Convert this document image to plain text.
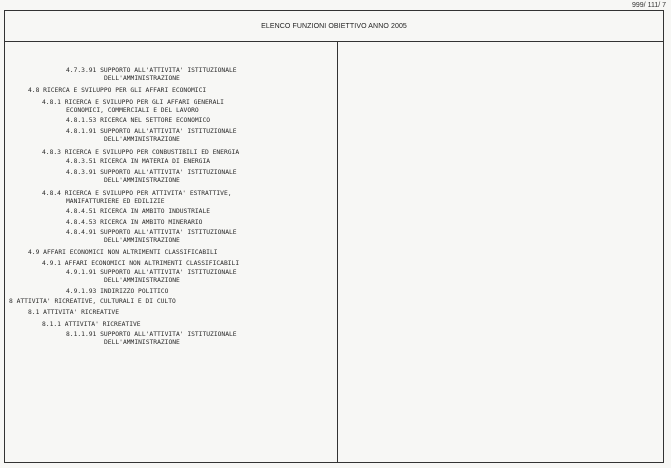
999/ 111/ 7
ELENCO FUNZIONI OBIETTIVO ANNO 2005
4.7.3.91 SUPPORTO ALL'ATTIVITA' ISTITUZIONALE
DELL'AMMINISTRAZIONE
4.8 RICERCA E SVILUPPO PER GLI AFFARI ECONOMICI
4.8.1 RICERCA E SVILUPPO PER GLI AFFARI GENERALI
ECONOMICI, COMMERCIALI E DEL LAVORO
4.8.1.53 RICERCA NEL SETTORE ECONOMICO
4.8.1.91 SUPPORTO ALL'ATTIVITA' ISTITUZIONALE
DELL'AMMINISTRAZIONE
4.8.3 RICERCA E SVILUPPO PER CONBUSTIBILI ED ENERGIA
4.8.3.51 RICERCA IN MATERIA DI ENERGIA
4.8.3.91 SUPPORTO ALL'ATTIVITA' ISTITUZIONALE
DELL'AMMINISTRAZIONE
4.8.4 RICERCA E SVILUPPO PER ATTIVITA' ESTRATTIVE,
MANIFATTURIERE ED EDILIZIE
4.8.4.51 RICERCA IN AMBITO INDUSTRIALE
4.8.4.53 RICERCA IN AMBITO MINERARIO
4.8.4.91 SUPPORTO ALL'ATTIVITA' ISTITUZIONALE
DELL'AMMINISTRAZIONE
4.9 AFFARI ECONOMICI NON ALTRIMENTI CLASSIFICABILI
4.9.1 AFFARI ECONOMICI NON ALTRIMENTI CLASSIFICABILI
4.9.1.91 SUPPORTO ALL'ATTIVITA' ISTITUZIONALE
DELL'AMMINISTRAZIONE
4.9.1.93 INDIRIZZO POLITICO
8 ATTIVITA' RICREATIVE, CULTURALI E DI CULTO
8.1 ATTIVITA' RICREATIVE
8.1.1 ATTIVITA' RICREATIVE
8.1.1.91 SUPPORTO ALL'ATTIVITA' ISTITUZIONALE
DELL'AMMINISTRAZIONE
